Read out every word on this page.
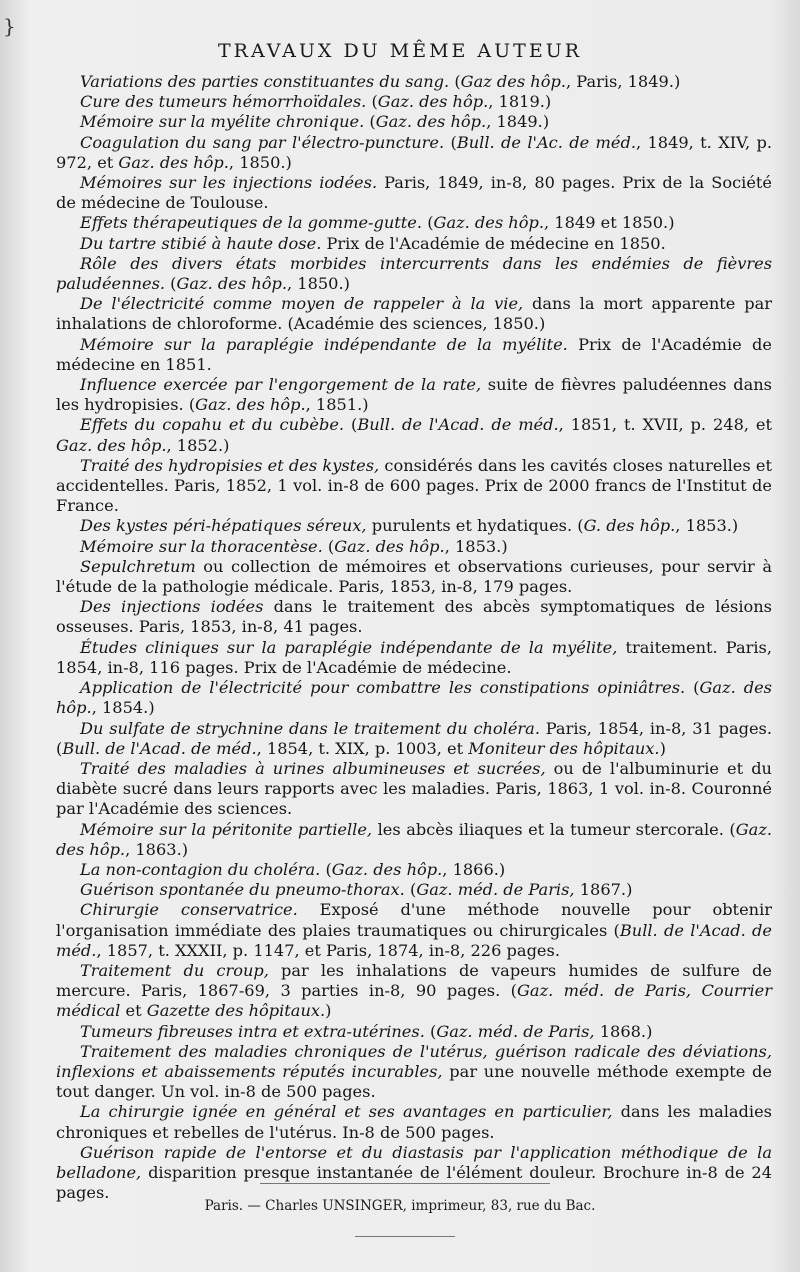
}
TRAVAUX DU MÊME AUTEUR

Variations des parties constituantes du sang. (Gaz des hôp., Paris, 1849.)

Cure des tumeurs hémorrhoïdales. (Gaz. des hôp., 1819.)

Mémoire sur la myélite chronique. (Gaz. des hôp., 1849.)

Coagulation du sang par l'électro-puncture. (Bull. de l'Ac. de méd., 1849, t. XIV, p. 972, et Gaz. des hôp., 1850.)

Mémoires sur les injections iodées. Paris, 1849, in-8, 80 pages. Prix de la Société de médecine de Toulouse.

Effets thérapeutiques de la gomme-gutte. (Gaz. des hôp., 1849 et 1850.)

Du tartre stibié à haute dose. Prix de l'Académie de médecine en 1850.

Rôle des divers états morbides intercurrents dans les endémies de fièvres paludéennes. (Gaz. des hôp., 1850.)

De l'électricité comme moyen de rappeler à la vie, dans la mort apparente par inhalations de chloroforme. (Académie des sciences, 1850.)

Mémoire sur la paraplégie indépendante de la myélite. Prix de l'Académie de médecine en 1851.

Influence exercée par l'engorgement de la rate, suite de fièvres paludéennes dans les hydropisies. (Gaz. des hôp., 1851.)

Effets du copahu et du cubèbe. (Bull. de l'Acad. de méd., 1851, t. XVII, p. 248, et Gaz. des hôp., 1852.)

Traité des hydropisies et des kystes, considérés dans les cavités closes naturelles et accidentelles. Paris, 1852, 1 vol. in-8 de 600 pages. Prix de 2000 francs de l'Institut de France.

Des kystes péri-hépatiques séreux, purulents et hydatiques. (G. des hôp., 1853.)

Mémoire sur la thoracentèse. (Gaz. des hôp., 1853.)

Sepulchretum ou collection de mémoires et observations curieuses, pour servir à l'étude de la pathologie médicale. Paris, 1853, in-8, 179 pages.

Des injections iodées dans le traitement des abcès symptomatiques de lésions osseuses. Paris, 1853, in-8, 41 pages.

Études cliniques sur la paraplégie indépendante de la myélite, traitement. Paris, 1854, in-8, 116 pages. Prix de l'Académie de médecine.

Application de l'électricité pour combattre les constipations opiniâtres. (Gaz. des hôp., 1854.)

Du sulfate de strychnine dans le traitement du choléra. Paris, 1854, in-8, 31 pages. (Bull. de l'Acad. de méd., 1854, t. XIX, p. 1003, et Moniteur des hôpitaux.)

Traité des maladies à urines albumineuses et sucrées, ou de l'albuminurie et du diabète sucré dans leurs rapports avec les maladies. Paris, 1863, 1 vol. in-8. Couronné par l'Académie des sciences.

Mémoire sur la péritonite partielle, les abcès iliaques et la tumeur stercorale. (Gaz. des hôp., 1863.)

La non-contagion du choléra. (Gaz. des hôp., 1866.)

Guérison spontanée du pneumo-thorax. (Gaz. méd. de Paris, 1867.)

Chirurgie conservatrice. Exposé d'une méthode nouvelle pour obtenir l'organisation immédiate des plaies traumatiques ou chirurgicales (Bull. de l'Acad. de méd., 1857, t. XXXII, p. 1147, et Paris, 1874, in-8, 226 pages.

Traitement du croup, par les inhalations de vapeurs humides de sulfure de mercure. Paris, 1867-69, 3 parties in-8, 90 pages. (Gaz. méd. de Paris, Courrier médical et Gazette des hôpitaux.)

Tumeurs fibreuses intra et extra-utérines. (Gaz. méd. de Paris, 1868.)

Traitement des maladies chroniques de l'utérus, guérison radicale des déviations, inflexions et abaissements réputés incurables, par une nouvelle méthode exempte de tout danger. Un vol. in-8 de 500 pages.

La chirurgie ignée en général et ses avantages en particulier, dans les maladies chroniques et rebelles de l'utérus. In-8 de 500 pages.

Guérison rapide de l'entorse et du diastasis par l'application méthodique de la belladone, disparition presque instantanée de l'élément douleur. Brochure in-8 de 24 pages.

Paris. — Charles UNSINGER, imprimeur, 83, rue du Bac.
